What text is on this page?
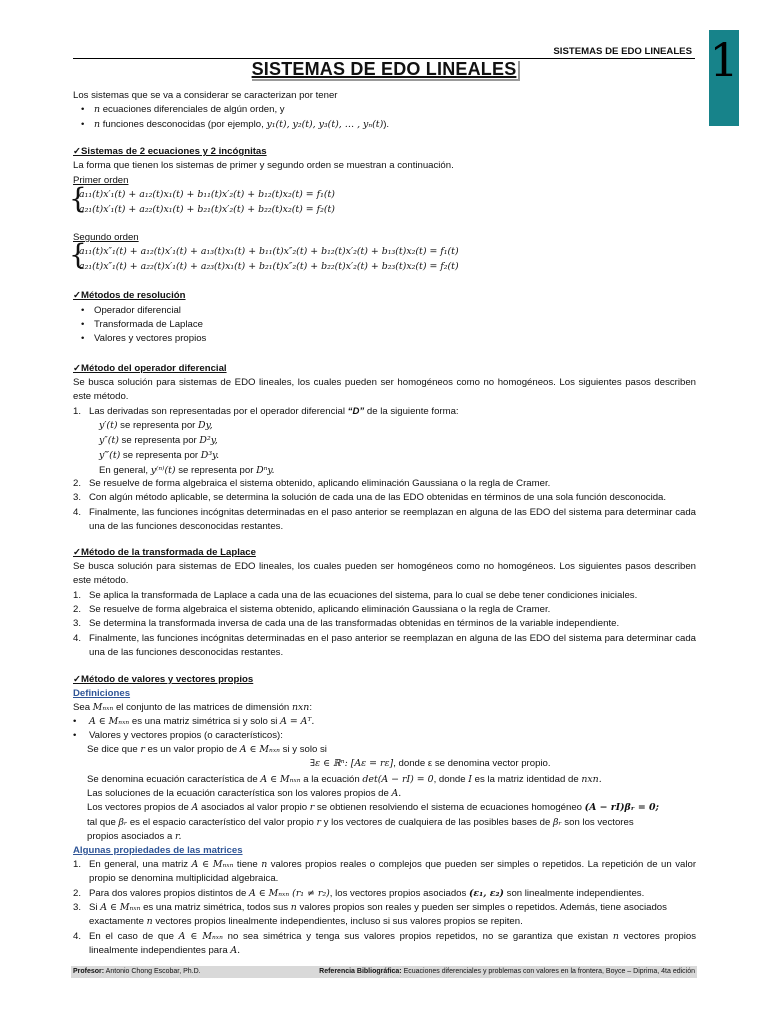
SISTEMAS DE EDO LINEALES 1
SISTEMAS DE EDO LINEALES
Los sistemas que se va a considerar se caracterizan por tener
• n ecuaciones diferenciales de algún orden, y
• n funciones desconocidas (por ejemplo, y₁(t), y₂(t), y₃(t), … , yₙ(t)).
✓Sistemas de 2 ecuaciones y 2 incógnitas
La forma que tienen los sistemas de primer y segundo orden se muestran a continuación.
Primer orden
{
a₁₁(t)x′₁(t) + a₁₂(t)x₁(t) + b₁₁(t)x′₂(t) + b₁₂(t)x₂(t) = f₁(t)
a₂₁(t)x′₁(t) + a₂₂(t)x₁(t) + b₂₁(t)x′₂(t) + b₂₂(t)x₂(t) = f₂(t)
Segundo orden
{
a₁₁(t)x″₁(t) + a₁₂(t)x′₁(t) + a₁₃(t)x₁(t) + b₁₁(t)x″₂(t) + b₁₂(t)x′₂(t) + b₁₃(t)x₂(t) = f₁(t)
a₂₁(t)x″₁(t) + a₂₂(t)x′₁(t) + a₂₃(t)x₁(t) + b₂₁(t)x″₂(t) + b₂₂(t)x′₂(t) + b₂₃(t)x₂(t) = f₂(t)
✓Métodos de resolución
• Operador diferencial
• Transformada de Laplace
• Valores y vectores propios
✓Método del operador diferencial
Se busca solución para sistemas de EDO lineales, los cuales pueden ser homogéneos como no homogéneos. Los siguientes pasos describen este método.
1. Las derivadas son representadas por el operador diferencial “D” de la siguiente forma:
y′(t) se representa por Dy,
y″(t) se representa por D²y,
y‴(t) se representa por D³y.
En general, y⁽ⁿ⁾(t) se representa por Dⁿy.
2. Se resuelve de forma algebraica el sistema obtenido, aplicando eliminación Gaussiana o la regla de Cramer.
3. Con algún método aplicable, se determina la solución de cada una de las EDO obtenidas en términos de una sola función desconocida.
4. Finalmente, las funciones incógnitas determinadas en el paso anterior se reemplazan en alguna de las EDO del sistema para determinar cada una de las funciones desconocidas restantes.
✓Método de la transformada de Laplace
Se busca solución para sistemas de EDO lineales, los cuales pueden ser homogéneos como no homogéneos. Los siguientes pasos describen este método.
1. Se aplica la transformada de Laplace a cada una de las ecuaciones del sistema, para lo cual se debe tener condiciones iniciales.
2. Se resuelve de forma algebraica el sistema obtenido, aplicando eliminación Gaussiana o la regla de Cramer.
3. Se determina la transformada inversa de cada una de las transformadas obtenidas en términos de la variable independiente.
4. Finalmente, las funciones incógnitas determinadas en el paso anterior se reemplazan en alguna de las EDO del sistema para determinar cada una de las funciones desconocidas restantes.
✓Método de valores y vectores propios
Definiciones
Sea Mₙₓₙ el conjunto de las matrices de dimensión nxn:
• A ∈ Mₙₓₙ es una matriz simétrica si y solo si A = Aᵀ.
• Valores y vectores propios (o característicos):
Se dice que r es un valor propio de A ∈ Mₙₓₙ si y solo si
∃ε ∈ ℝⁿ: [Aε = rε], donde ε se denomina vector propio.
Se denomina ecuación característica de A ∈ Mₙₓₙ a la ecuación det(A − rI) = 0, donde I es la matriz identidad de nxn.
Las soluciones de la ecuación característica son los valores propios de A.
Los vectores propios de A asociados al valor propio r se obtienen resolviendo el sistema de ecuaciones homogéneo (A − rI)βᵣ = 0;
tal que βᵣ es el espacio característico del valor propio r y los vectores de cualquiera de las posibles bases de βᵣ son los vectores
propios asociados a r.
Algunas propiedades de las matrices
1. En general, una matriz A ∈ Mₙₓₙ tiene n valores propios reales o complejos que pueden ser simples o repetidos. La repetición de un valor propio se denomina multiplicidad algebraica.
2. Para dos valores propios distintos de A ∈ Mₙₓₙ (r₁ ≠ r₂), los vectores propios asociados (ε₁, ε₂) son linealmente independientes.
3. Si A ∈ Mₙₓₙ es una matriz simétrica, todos sus n valores propios son reales y pueden ser simples o repetidos. Además, tiene asociados exactamente n vectores propios linealmente independientes, incluso si sus valores propios se repiten.
4. En el caso de que A ∈ Mₙₓₙ no sea simétrica y tenga sus valores propios repetidos, no se garantiza que existan n vectores propios linealmente independientes para A.
Profesor: Antonio Chong Escobar, Ph.D.	Referencia Bibliográfica: Ecuaciones diferenciales y problemas con valores en la frontera, Boyce – Diprima, 4ta edición
